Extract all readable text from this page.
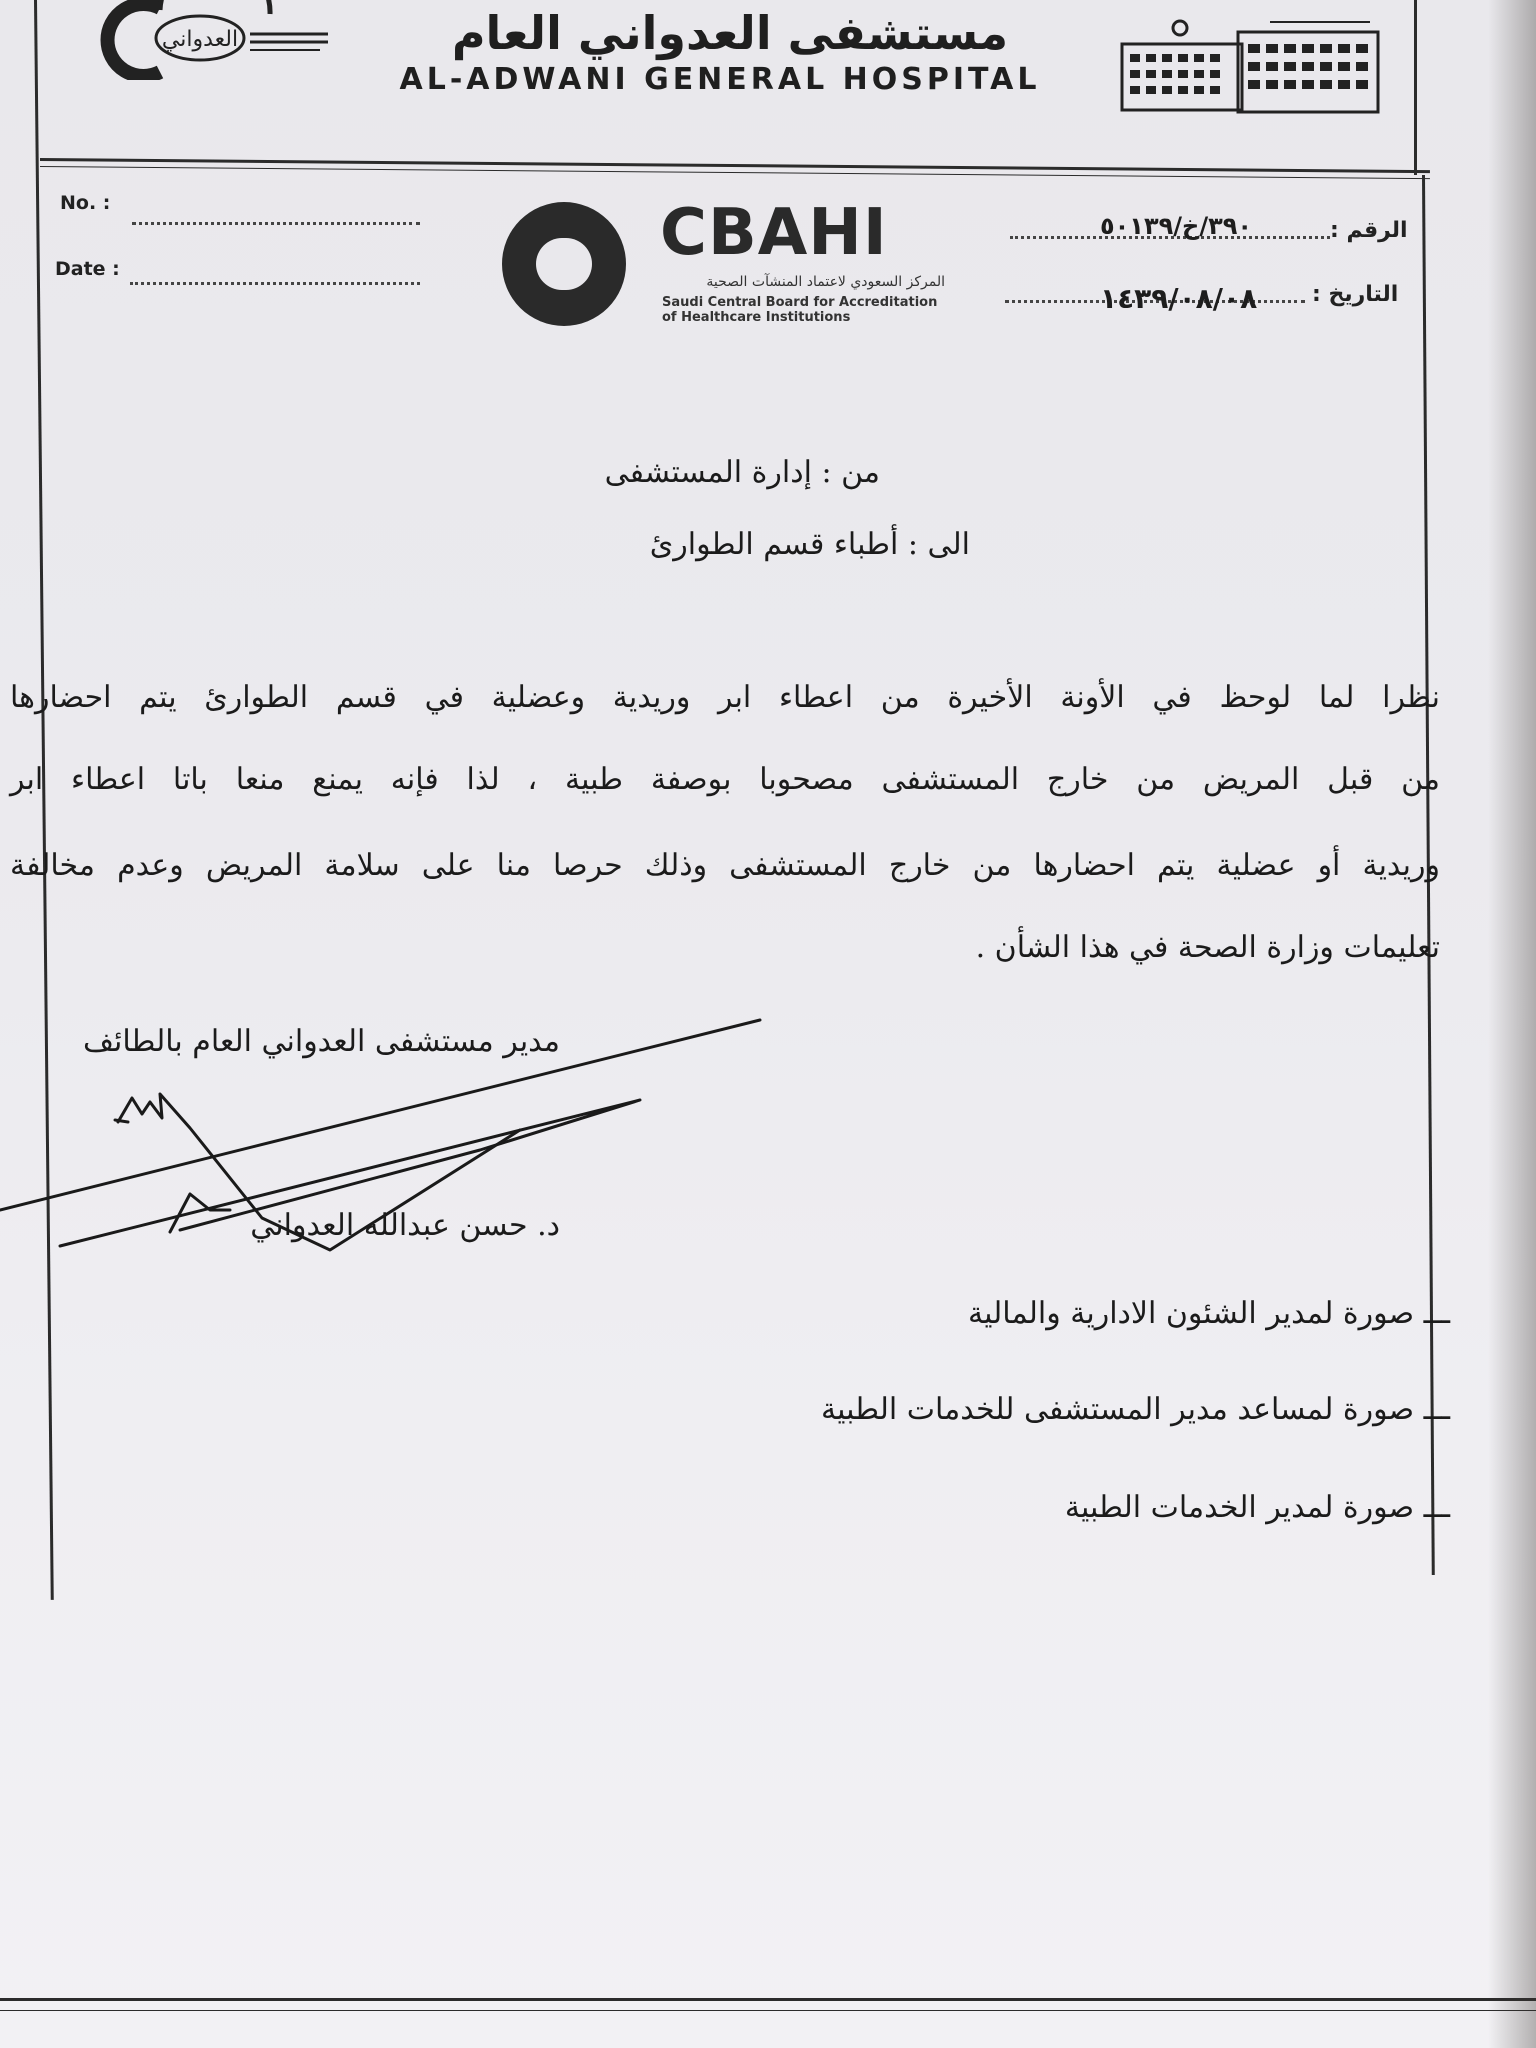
العدواني	مستشفى العدواني العام

AL-ADWANI GENERAL HOSPITAL

No. :

Date :

الرقم :

٣٩٠/خ/٥٠١٣٩

التاريخ :

١٤٣٩/٠٨/٠٨

CBAHI

المركز السعودي لاعتماد المنشآت الصحية

Saudi Central Board for Accreditation

of Healthcare Institutions

من : إدارة المستشفى

الى : أطباء قسم الطوارئ

نظرا لما لوحظ في الأونة الأخيرة من اعطاء ابر وريدية وعضلية في قسم الطوارئ يتم احضارها

من قبل المريض من خارج المستشفى مصحوبا بوصفة طبية ، لذا فإنه يمنع منعا باتا اعطاء ابر

وريدية أو عضلية يتم احضارها من خارج المستشفى وذلك حرصا منا على سلامة المريض وعدم مخالفة

تعليمات وزارة الصحة في هذا الشأن .

مدير مستشفى العدواني العام بالطائف

د. حسن عبدالله العدواني

ـــ صورة لمدير الشئون الادارية والمالية

ـــ صورة لمساعد مدير المستشفى للخدمات الطبية

ـــ صورة لمدير الخدمات الطبية
